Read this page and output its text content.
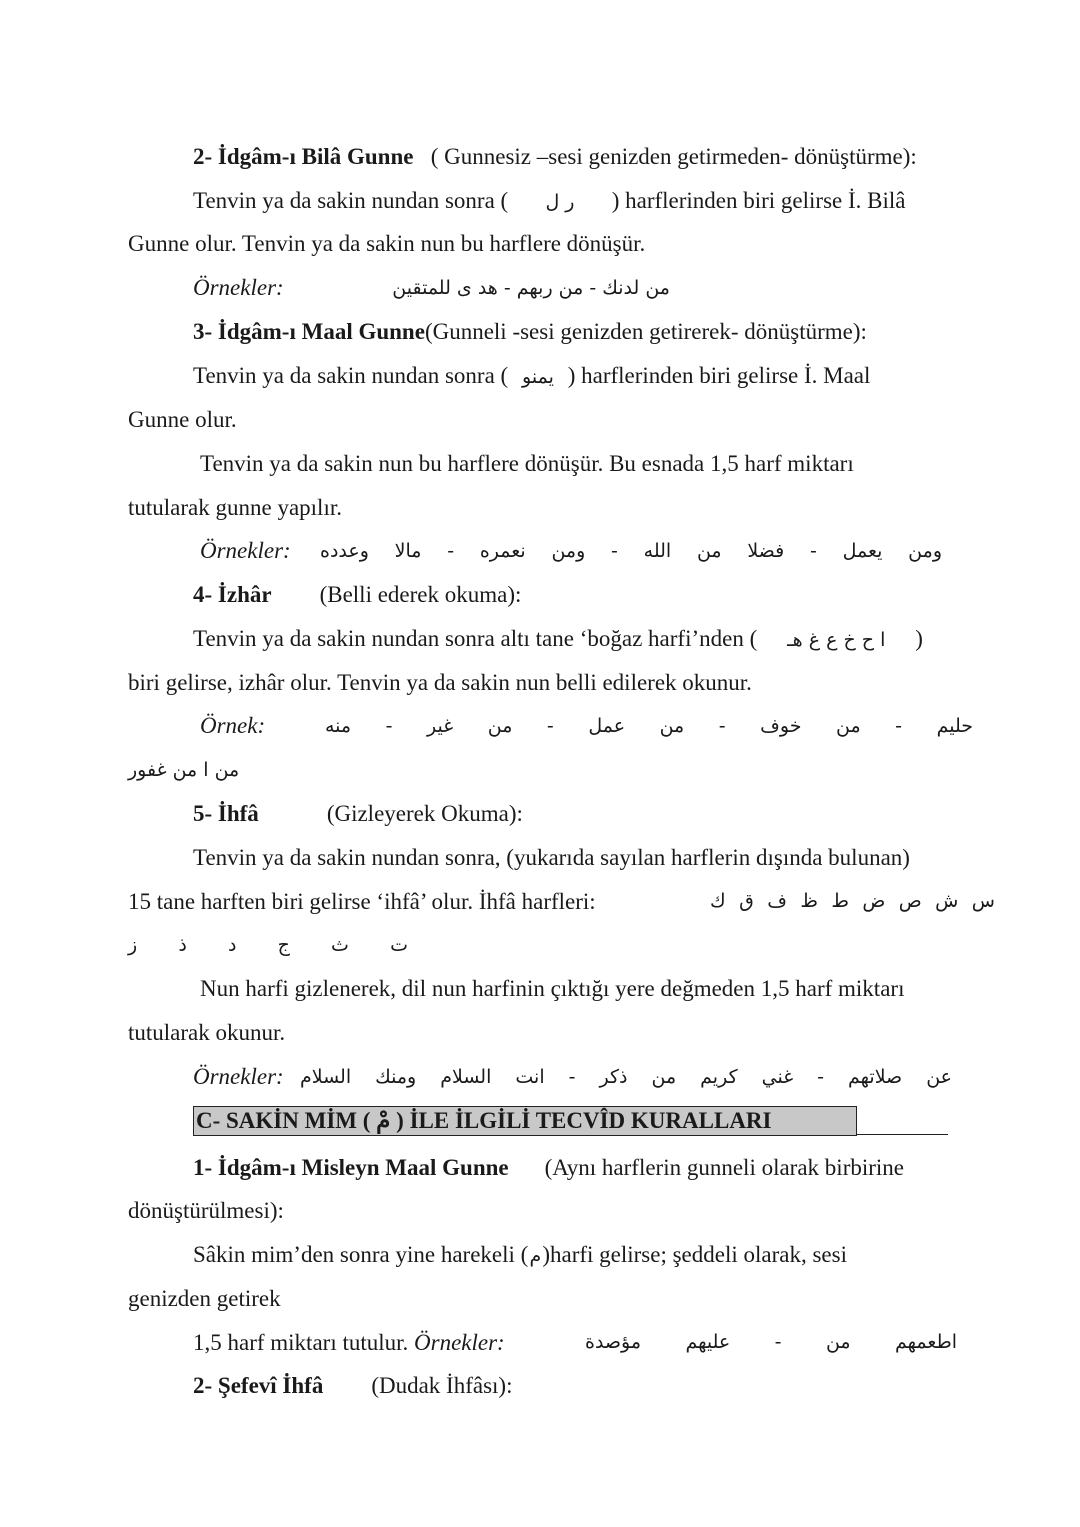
2- İdgâm-ı Bilâ Gunne ( Gunnesiz –sesi genizden getirmeden- dönüştürme):
Tenvin ya da sakin nundan sonra ( ر ل ) harflerinden biri gelirse İ. Bilâ
Gunne olur. Tenvin ya da sakin nun bu harflere dönüşür.
Örnekler:	من لدنك - من ربهم - هد ى للمتقين
3- İdgâm-ı Maal Gunne(Gunneli -sesi genizden getirerek- dönüştürme):
Tenvin ya da sakin nundan sonra ( يمنو ) harflerinden biri gelirse İ. Maal
Gunne olur.
Tenvin ya da sakin nun bu harflere dönüşür. Bu esnada 1,5 harf miktarı
tutularak gunne yapılır.
Örnekler: ومن يعمل - فضلا من الله - ومن نعمره - مالا وعدده
4- İzhâr (Belli ederek okuma):
Tenvin ya da sakin nundan sonra altı tane ‘boğaz harfi’nden ( ا ح خ ع غ هـ )
biri gelirse, izhâr olur. Tenvin ya da sakin nun belli edilerek okunur.
Örnek:	حليم - من خوف - من عمل - من غير - منه
من ا من غفور
5- İhfâ	(Gizleyerek Okuma):
Tenvin ya da sakin nundan sonra, (yukarıda sayılan harflerin dışında bulunan)
15 tane harften biri gelirse ‘ihfâ’ olur. İhfâ harfleri:	س ش ص ض ط ظ ف ق ك
ت ث ج د ذ ز
Nun harfi gizlenerek, dil nun harfinin çıktığı yere değmeden 1,5 harf miktarı
tutularak okunur.
Örnekler: عن صلاتهم - غني كريم من ذكر - انت السلام ومنك السلام
C- SAKİN MİM ( مْ ) İLE İLGİLİ TECVÎD KURALLARI
1- İdgâm-ı Misleyn Maal Gunne (Aynı harflerin gunneli olarak birbirine
dönüştürülmesi):
Sâkin mim’den sonra yine harekeli (م)harfi gelirse; şeddeli olarak, sesi
genizden getirek
1,5 harf miktarı tutulur. Örnekler:	اطعمهم من - عليهم مؤصدة
2- Şefevî İhfâ (Dudak İhfâsı):
